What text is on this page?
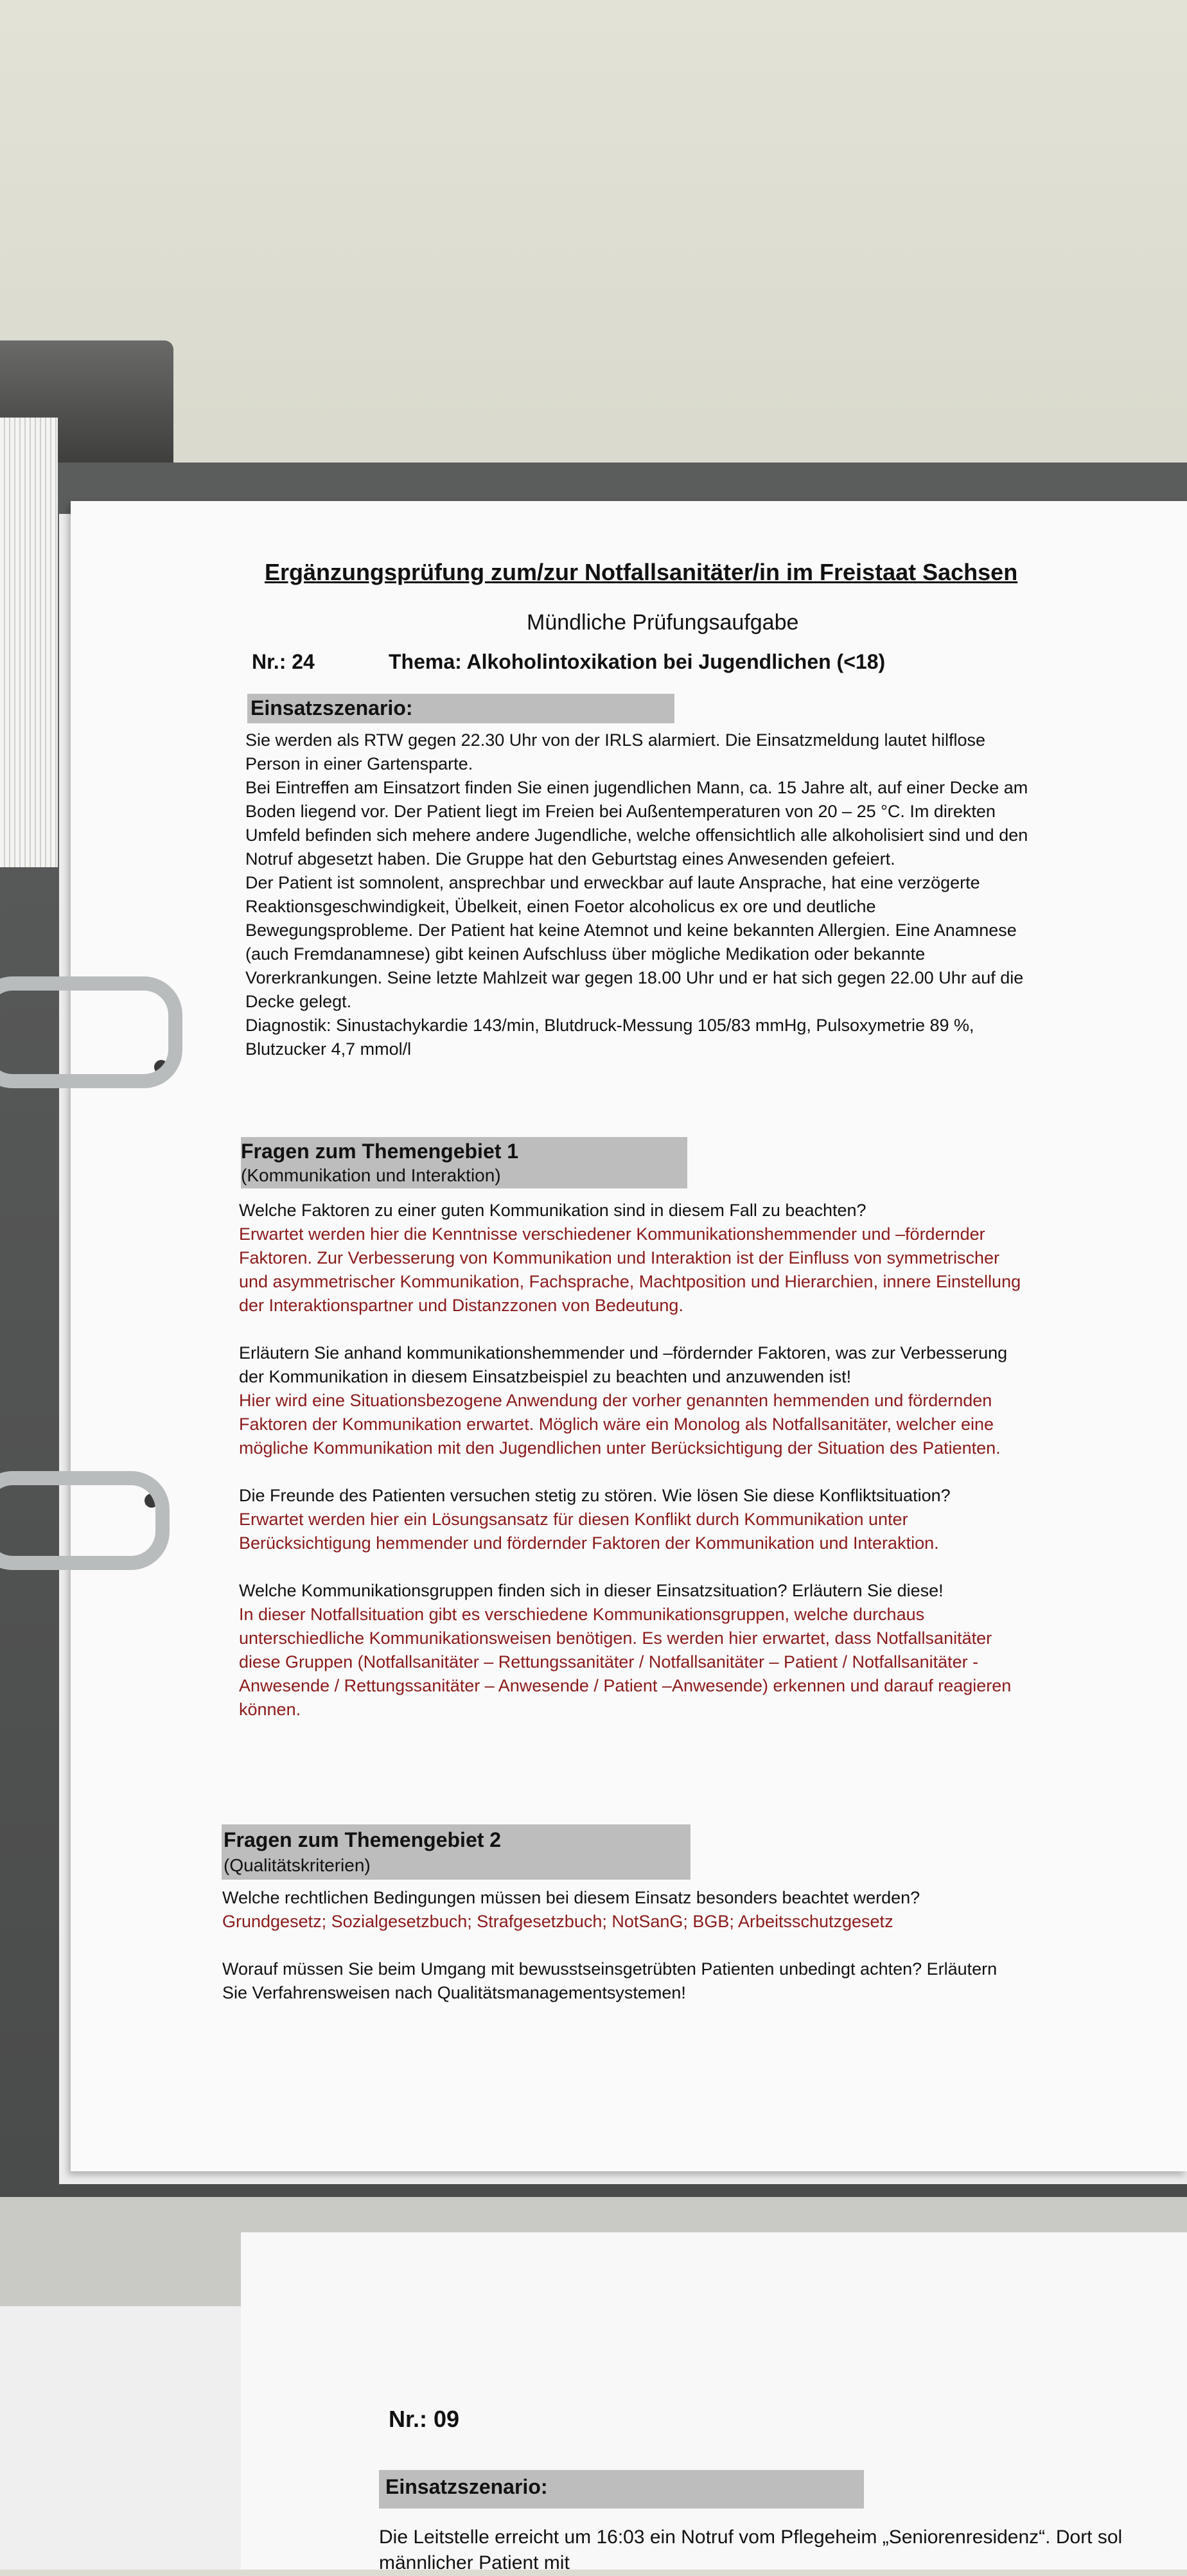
Ergänzungsprüfung zum/zur Notfallsanitäter/in im Freistaat Sachsen
Mündliche Prüfungsaufgabe
Nr.: 24	Thema: Alkoholintoxikation bei Jugendlichen (<18)
Einsatzszenario:
Sie werden als RTW gegen 22.30 Uhr von der IRLS alarmiert. Die Einsatzmeldung lautet hilflose
Person in einer Gartensparte.
Bei Eintreffen am Einsatzort finden Sie einen jugendlichen Mann, ca. 15 Jahre alt, auf einer Decke am
Boden liegend vor. Der Patient liegt im Freien bei Außentemperaturen von 20 – 25 °C. Im direkten
Umfeld befinden sich mehere andere Jugendliche, welche offensichtlich alle alkoholisiert sind und den
Notruf abgesetzt haben. Die Gruppe hat den Geburtstag eines Anwesenden gefeiert.
Der Patient ist somnolent, ansprechbar und erweckbar auf laute Ansprache, hat eine verzögerte
Reaktionsgeschwindigkeit, Übelkeit, einen Foetor alcoholicus ex ore und deutliche
Bewegungsprobleme. Der Patient hat keine Atemnot und keine bekannten Allergien. Eine Anamnese
(auch Fremdanamnese) gibt keinen Aufschluss über mögliche Medikation oder bekannte
Vorerkrankungen. Seine letzte Mahlzeit war gegen 18.00 Uhr und er hat sich gegen 22.00 Uhr auf die
Decke gelegt.
Diagnostik: Sinustachykardie 143/min, Blutdruck-Messung 105/83 mmHg, Pulsoxymetrie 89 %,
Blutzucker 4,7 mmol/l
Fragen zum Themengebiet 1
(Kommunikation und Interaktion)
Welche Faktoren zu einer guten Kommunikation sind in diesem Fall zu beachten?
Erwartet werden hier die Kenntnisse verschiedener Kommunikationshemmender und –fördernder
Faktoren. Zur Verbesserung von Kommunikation und Interaktion ist der Einfluss von symmetrischer
und asymmetrischer Kommunikation, Fachsprache, Machtposition und Hierarchien, innere Einstellung
der Interaktionspartner und Distanzzonen von Bedeutung.
Erläutern Sie anhand kommunikationshemmender und –fördernder Faktoren, was zur Verbesserung
der Kommunikation in diesem Einsatzbeispiel zu beachten und anzuwenden ist!
Hier wird eine Situationsbezogene Anwendung der vorher genannten hemmenden und fördernden
Faktoren der Kommunikation erwartet. Möglich wäre ein Monolog als Notfallsanitäter, welcher eine
mögliche Kommunikation mit den Jugendlichen unter Berücksichtigung der Situation des Patienten.
Die Freunde des Patienten versuchen stetig zu stören. Wie lösen Sie diese Konfliktsituation?
Erwartet werden hier ein Lösungsansatz für diesen Konflikt durch Kommunikation unter
Berücksichtigung hemmender und fördernder Faktoren der Kommunikation und Interaktion.
Welche Kommunikationsgruppen finden sich in dieser Einsatzsituation? Erläutern Sie diese!
In dieser Notfallsituation gibt es verschiedene Kommunikationsgruppen, welche durchaus
unterschiedliche Kommunikationsweisen benötigen. Es werden hier erwartet, dass Notfallsanitäter
diese Gruppen (Notfallsanitäter – Rettungssanitäter / Notfallsanitäter – Patient / Notfallsanitäter -
Anwesende / Rettungssanitäter – Anwesende / Patient –Anwesende) erkennen und darauf reagieren
können.
Fragen zum Themengebiet 2
(Qualitätskriterien)
Welche rechtlichen Bedingungen müssen bei diesem Einsatz besonders beachtet werden?
Grundgesetz; Sozialgesetzbuch; Strafgesetzbuch; NotSanG; BGB; Arbeitsschutzgesetz
Worauf müssen Sie beim Umgang mit bewusstseinsgetrübten Patienten unbedingt achten? Erläutern
Sie Verfahrensweisen nach Qualitätsmanagementsystemen!
Nr.: 09
Einsatzszenario:
Die Leitstelle erreicht um 16:03 ein Notruf vom Pflegeheim „Seniorenresidenz“. Dort sol
männlicher Patient mit
